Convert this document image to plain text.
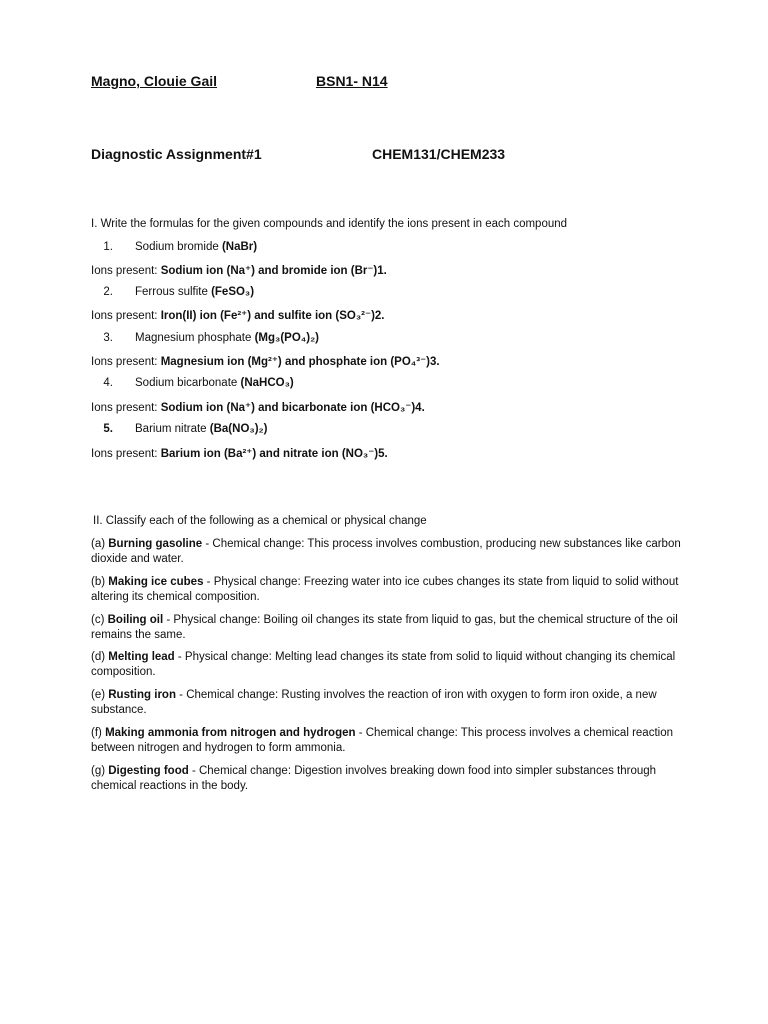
Magno, Clouie Gail	BSN1- N14
Diagnostic Assignment#1	CHEM131/CHEM233
I. Write the formulas for the given compounds and identify the ions present in each compound
1. Sodium bromide (NaBr)
Ions present: Sodium ion (Na⁺) and bromide ion (Br⁻)1.
2. Ferrous sulfite (FeSO₃)
Ions present: Iron(II) ion (Fe²⁺) and sulfite ion (SO₃²⁻)2.
3. Magnesium phosphate (Mg₃(PO₄)₂)
Ions present: Magnesium ion (Mg²⁺) and phosphate ion (PO₄³⁻)3.
4. Sodium bicarbonate (NaHCO₃)
Ions present: Sodium ion (Na⁺) and bicarbonate ion (HCO₃⁻)4.
5. Barium nitrate (Ba(NO₃)₂)
Ions present: Barium ion (Ba²⁺) and nitrate ion (NO₃⁻)5.
II. Classify each of the following as a chemical or physical change
(a) Burning gasoline - Chemical change: This process involves combustion, producing new substances like carbon dioxide and water.
(b) Making ice cubes - Physical change: Freezing water into ice cubes changes its state from liquid to solid without altering its chemical composition.
(c) Boiling oil - Physical change: Boiling oil changes its state from liquid to gas, but the chemical structure of the oil remains the same.
(d) Melting lead - Physical change: Melting lead changes its state from solid to liquid without changing its chemical composition.
(e) Rusting iron - Chemical change: Rusting involves the reaction of iron with oxygen to form iron oxide, a new substance.
(f) Making ammonia from nitrogen and hydrogen - Chemical change: This process involves a chemical reaction between nitrogen and hydrogen to form ammonia.
(g) Digesting food - Chemical change: Digestion involves breaking down food into simpler substances through chemical reactions in the body.
